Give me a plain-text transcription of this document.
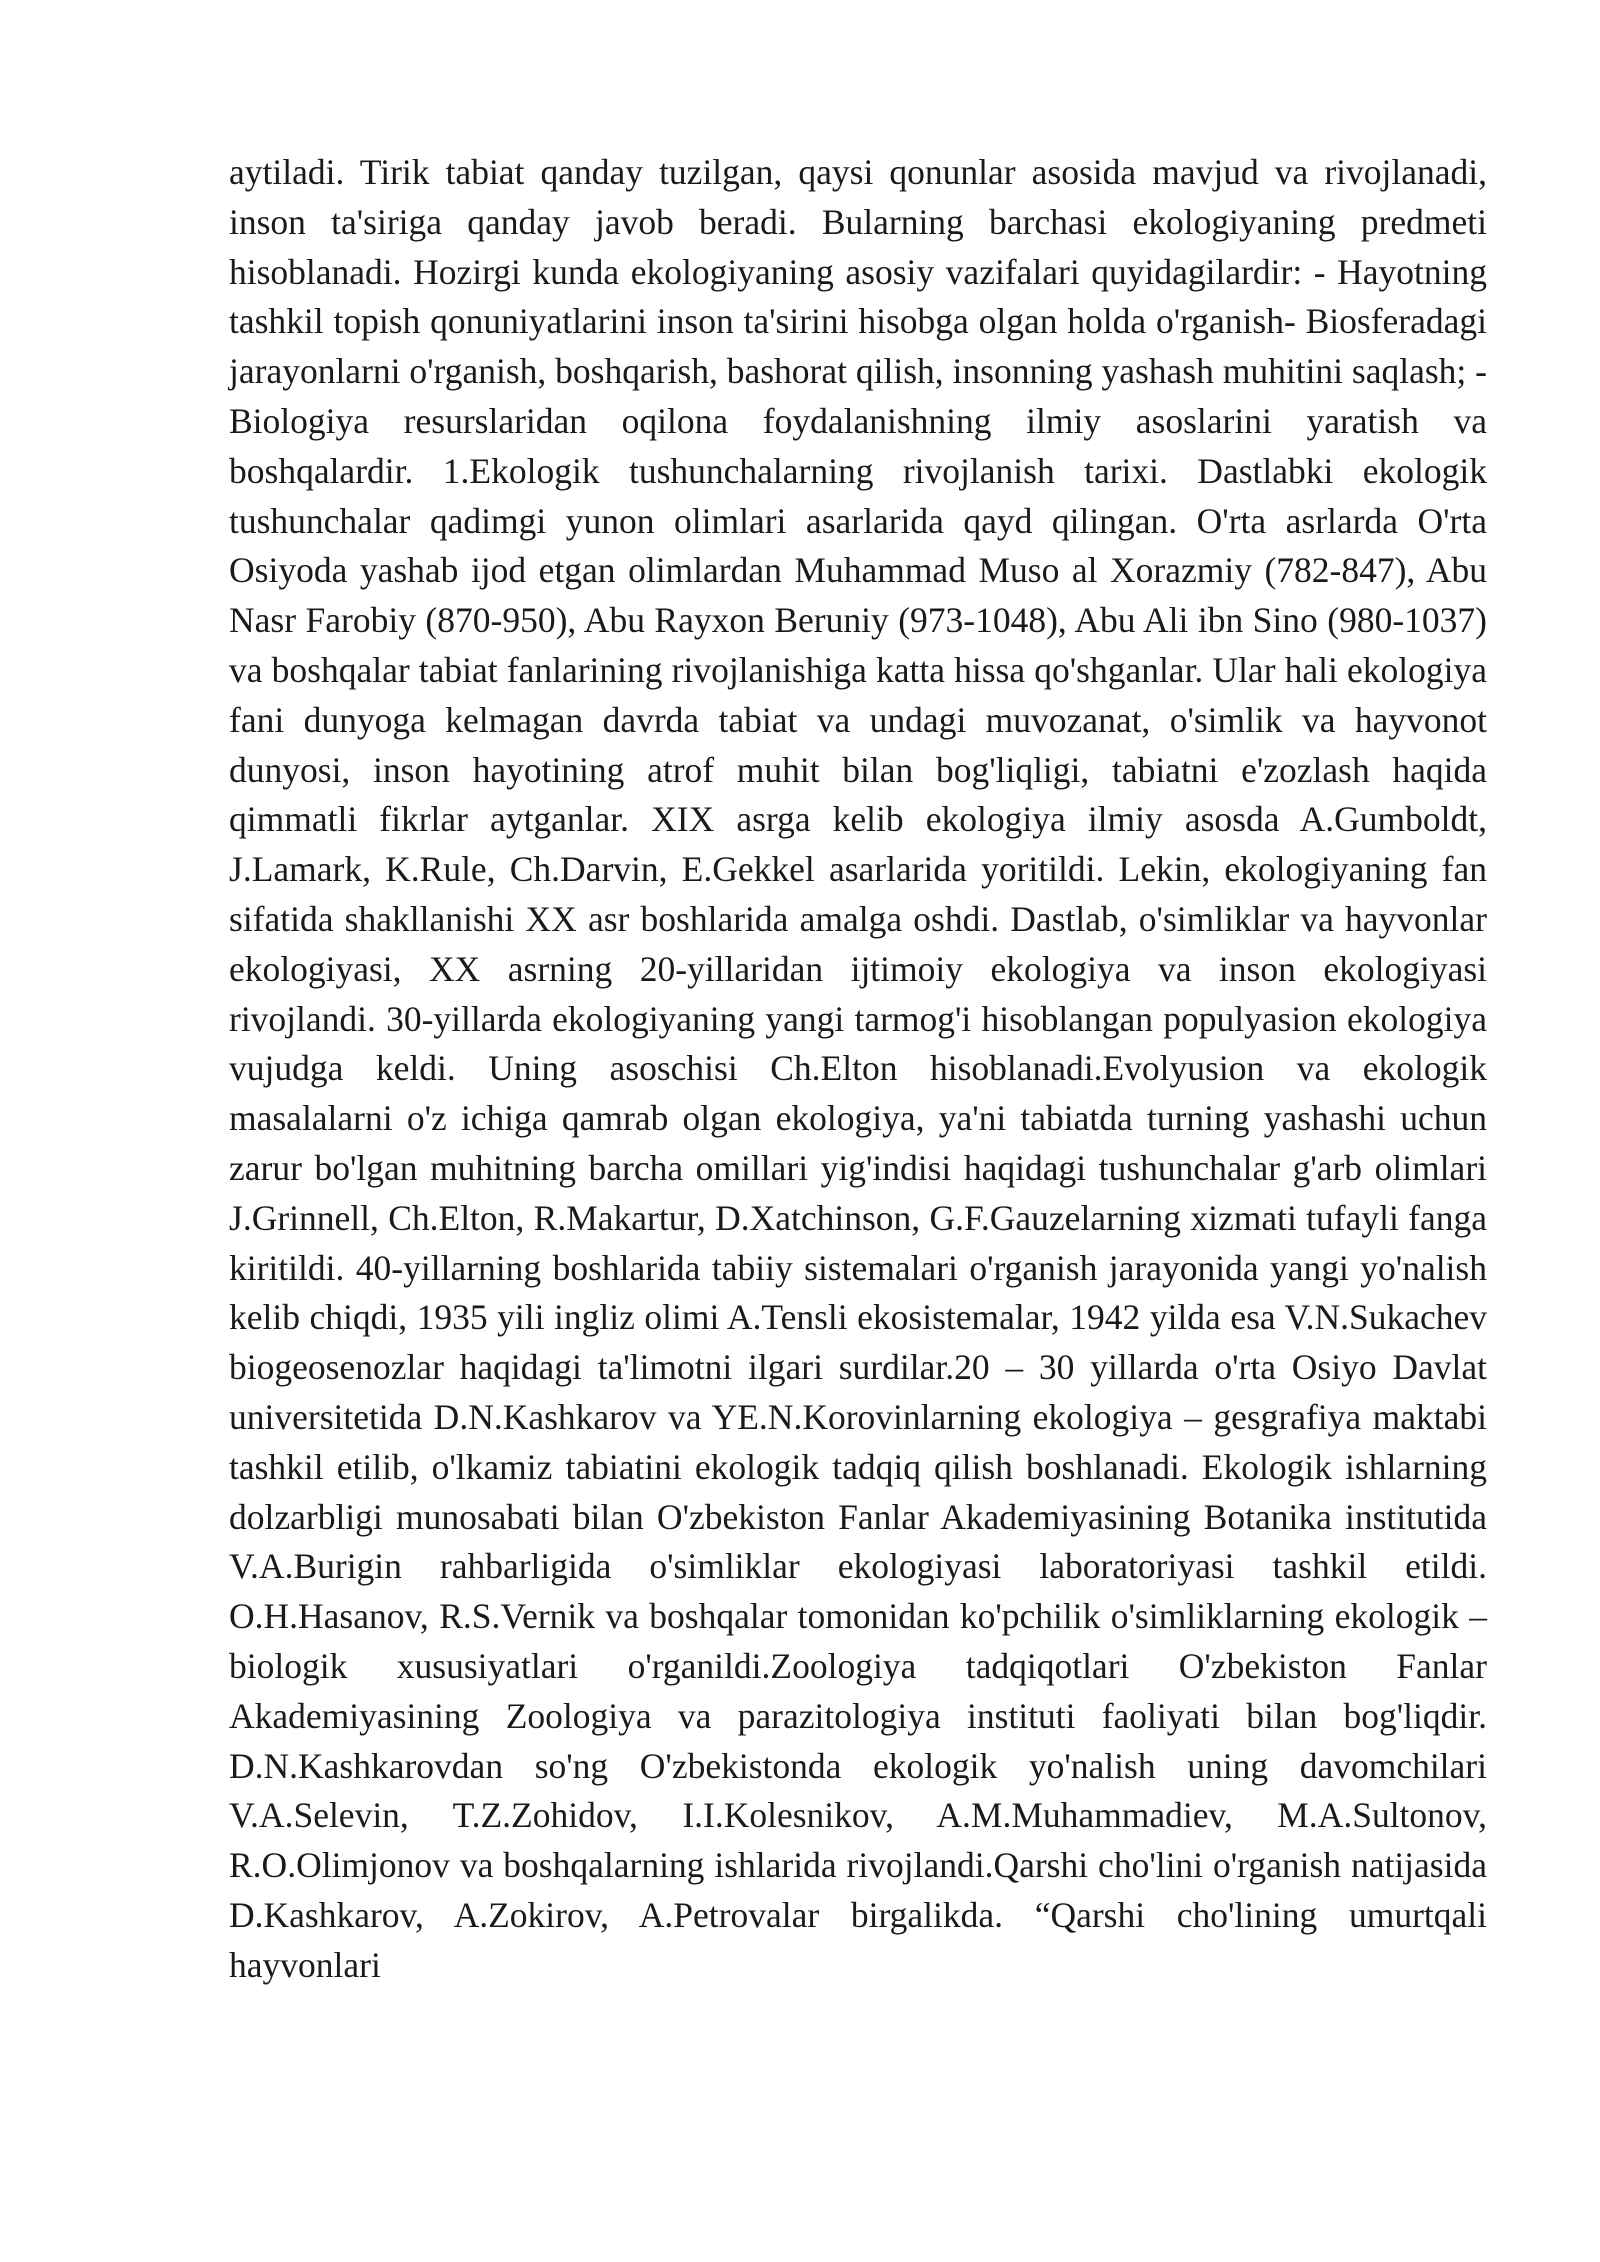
aytiladi. Tirik tabiat qanday tuzilgan, qaysi qonunlar asosida mavjud va rivojlanadi, inson ta'siriga qanday javob beradi. Bularning barchasi ekologiyaning predmeti hisoblanadi. Hozirgi kunda ekologiyaning asosiy vazifalari quyidagilardir: - Hayotning tashkil topish qonuniyatlarini inson ta'sirini hisobga olgan holda o'rganish- Biosferadagi jarayonlarni o'rganish, boshqarish, bashorat qilish, insonning yashash muhitini saqlash; - Biologiya resurslaridan oqilona foydalanishning ilmiy asoslarini yaratish va boshqalardir. 1.Ekologik tushunchalarning rivojlanish tarixi. Dastlabki ekologik tushunchalar qadimgi yunon olimlari asarlarida qayd qilingan. O'rta asrlarda O'rta Osiyoda yashab ijod etgan olimlardan Muhammad Muso al Xorazmiy (782-847), Abu Nasr Farobiy (870-950), Abu Rayxon Beruniy (973-1048), Abu Ali ibn Sino (980-1037) va boshqalar tabiat fanlarining rivojlanishiga katta hissa qo'shganlar. Ular hali ekologiya fani dunyoga kelmagan davrda tabiat va undagi muvozanat, o'simlik va hayvonot dunyosi, inson hayotining atrof muhit bilan bog'liqligi, tabiatni e'zozlash haqida qimmatli fikrlar aytganlar. XIX asrga kelib ekologiya ilmiy asosda A.Gumboldt, J.Lamark, K.Rule, Ch.Darvin, E.Gekkel asarlarida yoritildi. Lekin, ekologiyaning fan sifatida shakllanishi XX asr boshlarida amalga oshdi. Dastlab, o'simliklar va hayvonlar ekologiyasi, XX asrning 20-yillaridan ijtimoiy ekologiya va inson ekologiyasi rivojlandi. 30-yillarda ekologiyaning yangi tarmog'i hisoblangan populyasion ekologiya vujudga keldi. Uning asoschisi Ch.Elton hisoblanadi.Evolyusion va ekologik masalalarni o'z ichiga qamrab olgan ekologiya, ya'ni tabiatda turning yashashi uchun zarur bo'lgan muhitning barcha omillari yig'indisi haqidagi tushunchalar g'arb olimlari J.Grinnell, Ch.Elton, R.Makartur, D.Xatchinson, G.F.Gauzelarning xizmati tufayli fanga kiritildi. 40-yillarning boshlarida tabiiy sistemalari o'rganish jarayonida yangi yo'nalish kelib chiqdi, 1935 yili ingliz olimi A.Tensli ekosistemalar, 1942 yilda esa V.N.Sukachev biogeosenozlar haqidagi ta'limotni ilgari surdilar.20 – 30 yillarda o'rta Osiyo Davlat universitetida D.N.Kashkarov va YE.N.Korovinlarning ekologiya – gesgrafiya maktabi tashkil etilib, o'lkamiz tabiatini ekologik tadqiq qilish boshlanadi. Ekologik ishlarning dolzarbligi munosabati bilan O'zbekiston Fanlar Akademiyasining Botanika institutida V.A.Burigin rahbarligida o'simliklar ekologiyasi laboratoriyasi tashkil etildi. O.H.Hasanov, R.S.Vernik va boshqalar tomonidan ko'pchilik o'simliklarning ekologik – biologik xususiyatlari o'rganildi.Zoologiya tadqiqotlari O'zbekiston Fanlar Akademiyasining Zoologiya va parazitologiya instituti faoliyati bilan bog'liqdir. D.N.Kashkarovdan so'ng O'zbekistonda ekologik yo'nalish uning davomchilari V.A.Selevin, T.Z.Zohidov, I.I.Kolesnikov, A.M.Muhammadiev, M.A.Sultonov, R.O.Olimjonov va boshqalarning ishlarida rivojlandi.Qarshi cho'lini o'rganish natijasida D.Kashkarov, A.Zokirov, A.Petrovalar birgalikda. “Qarshi cho'lining umurtqali hayvonlari
